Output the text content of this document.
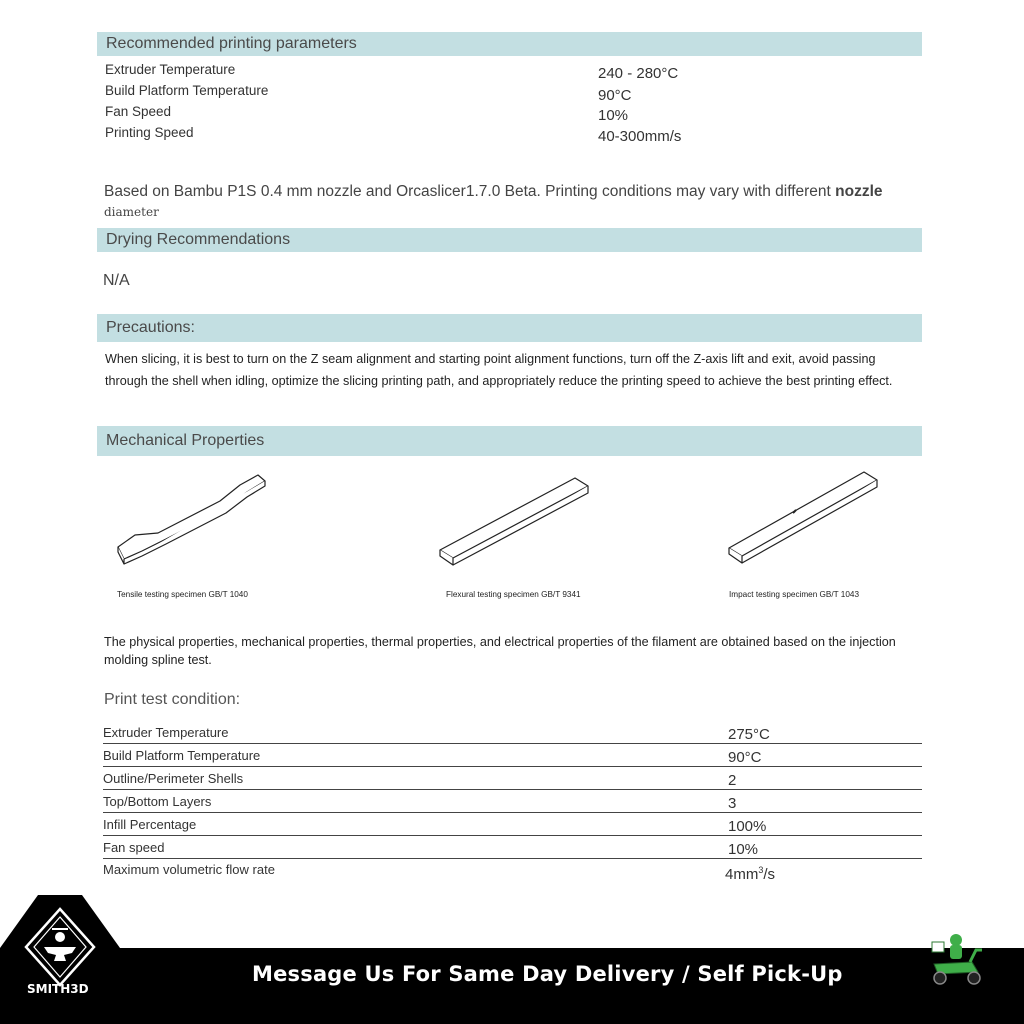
Recommended printing parameters
Extruder Temperature	240 - 280°C
Build Platform Temperature	90°C
Fan Speed	10%
Printing Speed	40-300mm/s
Based on Bambu P1S 0.4 mm nozzle and Orcaslicer1.7.0 Beta. Printing conditions may vary with different nozzle
diameter
Drying Recommendations
N/A
Precautions:

When slicing, it is best to turn on the Z seam alignment and starting point alignment functions, turn off the Z-axis lift and exit, avoid passing through the shell when idling, optimize the slicing printing path, and appropriately reduce the printing speed to achieve the best printing effect.

Mechanical Properties
Tensile testing specimen GB/T 1040	Flexural testing specimen GB/T 9341	Impact testing specimen GB/T 1043

The physical properties, mechanical properties, thermal properties, and electrical properties of the filament are obtained based on the injection molding spline test.

Print test condition:
Extruder Temperature	275°C
Build Platform Temperature	90°C
Outline/Perimeter Shells	2
Top/Bottom Layers	3
Infill Percentage	100%
Fan speed	10%
Maximum volumetric flow rate	$4mm^3/s$
SMITH3D
Message Us For Same Day Delivery / Self Pick-Up
